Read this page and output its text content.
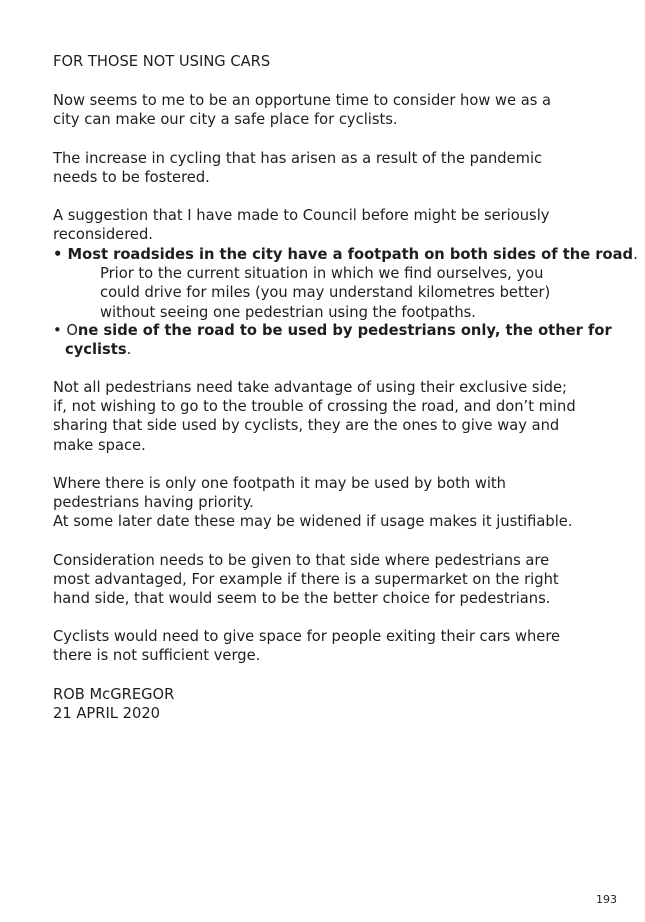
FOR THOSE NOT USING CARS
Now seems to me to be an opportune time to consider how we as a
city can make our city a safe place for cyclists.
The increase in cycling that has arisen as a result of the pandemic
needs to be fostered.
A suggestion that I have made to Council before might be seriously
reconsidered.
• Most roadsides in the city have a footpath on both sides of the road.
Prior to the current situation in which we find ourselves, you
could drive for miles (you may understand kilometres better)
without seeing one pedestrian using the footpaths.
• One side of the road to be used by pedestrians only, the other for
cyclists.
Not all pedestrians need take advantage of using their exclusive side;
if, not wishing to go to the trouble of crossing the road, and don’t mind
sharing that side used by cyclists, they are the ones to give way and
make space.
Where there is only one footpath it may be used by both with
pedestrians having priority.
At some later date these may be widened if usage makes it justifiable.
Consideration needs to be given to that side where pedestrians are
most advantaged, For example if there is a supermarket on the right
hand side, that would seem to be the better choice for pedestrians.
Cyclists would need to give space for people exiting their cars where
there is not sufficient verge.
ROB McGREGOR
21 APRIL 2020
193
